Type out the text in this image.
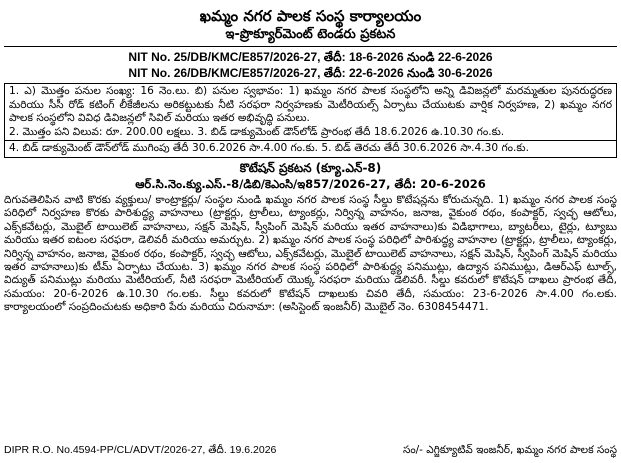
ఖమ్మం నగర పాలక సంస్థ కార్యాలయం
ఇ-ప్రొక్యూర్‌మెంట్ టెండరు ప్రకటన
NIT No. 25/DB/KMC/E857/2026-27, తేదీ: 18-6-2026 నుండి 22-6-2026
NIT No. 26/DB/KMC/E857/2026-27, తేదీ: 22-6-2026 నుండి 30-6-2026

1. ఎ) మొత్తం పనుల సంఖ్య: 16 నెం.లు. బి) పనుల స్వభావం: 1) ఖమ్మం నగర పాలక సంస్థలోని అన్ని డివిజన్లలో మరమ్మతుల పునరుద్ధరణ మరియు సీసీ రోడ్ కటింగ్ లీకేజీలను అరికట్టుటకు నీటి సరఫరా నిర్వహణకు మెటీరియల్స్ ఏర్పాటు చేయుటకు వార్షిక నిర్వహణ, 2) ఖమ్మం నగర పాలక సంస్థలోని వివిధ డివిజన్లలో సివిల్ మరియు ఇతర అభివృద్ధి పనులు.

2. మొత్తం పని విలువ: రూ. 200.00 లక్షలు. 3. బిడ్ డాక్యుమెంట్ డౌన్‌లోడ్ ప్రారంభ తేదీ 18.6.2026 ఉ.10.30 గం.కు.

4. బిడ్ డాక్యుమెంట్ డౌన్‌లోడ్ ముగింపు తేదీ 30.6.2026 సా.4.00 గం.కు. 5. బిడ్ తెరచు తేదీ 30.6.2026 సా.4.30 గం.కు.

కొటేషన్ ప్రకటన (క్యూ.ఎన్-8)
ఆర్.సి.నెం.క్యు.ఎస్.-8/డిబి/కెఎంసి/ఇ857/2026-27, తేదీ: 20-6-2026
దిగువతెలిపిన వాటి కొరకు వ్యక్తులు/ కాంట్రాక్టర్లు/ సంస్థల నుండి ఖమ్మం నగర పాలక సంస్థ సీల్డు కొటేషన్లను కోరుచున్నది. 1) ఖమ్మం నగర పాలక సంస్థ పరిధిలో నిర్వహణ కొరకు పారిశుద్ధ్య వాహనాలు (ట్రాక్టర్లు, ట్రాలీలు, ట్యాంకర్లు, నిర్విన్న వాహనం, జనాజ, వైకుంఠ రథం, కంపాక్టర్, స్వచ్ఛ ఆటోలు, ఎక్స్‌కవేటర్లు, మొబైల్ టాయిలెట్ వాహనాలు, సక్షన్ మెషిన్, స్వీపింగ్ మెషిన్ మరియు ఇతర వాహనాలు)కు విడిభాగాలు, బ్యాటరీలు, టైర్లు, ట్యూబు మరియు ఇతర ఐటంల సరఫరా, డెలివరీ మరియు అమర్చుట. 2) ఖమ్మం నగర పాలక సంస్థ పరిధిలో పారిశుద్ధ్య వాహనాల (ట్రాక్టర్లు, ట్రాలీలు, ట్యాంకర్లు, నిర్విన్న వాహనం, జనాజ, వైకుంఠ రథం, కంపాక్టర్, స్వచ్ఛ ఆటోలు, ఎక్స్‌కవేటర్లు, మొబైల్ టాయిలెట్ వాహనాలు, సక్షన్ మెషిన్, స్వీపింగ్ మెషిన్ మరియు ఇతర వాహనాలు)కు టీమ్ ఏర్పాటు చేయుట. 3) ఖమ్మం నగర పాలక సంస్థ పరిధిలో పారిశుద్ధ్య పనిముట్లు, ఉద్యాన పనిముట్లు, డిఆర్‌ఎఫ్ టూల్స్, విద్యుత్ పనిముట్లు మరియు మెటీరియల్, నీటి సరఫరా మెటీరియల్ యొక్క సరఫరా మరియు డెలివరీ. సీల్డు కవరులో కొటేషన్ దాఖలు ప్రారంభ తేదీ, సమయం: 20-6-2026 ఉ.10.30 గం.లకు. సీల్డు కవరులో కొటేషన్ దాఖలుకు చివరి తేదీ, సమయం: 23-6-2026 సా.4.00 గం.లకు. కార్యాలయంలో సంప్రదించుటకు అధికారి పేరు మరియు చిరునామా: (అసిస్టెంట్ ఇంజనీర్) మొబైల్ నెం. 6308454471.
DIPR R.O. No.4594-PP/CL/ADVT/2026-27, తేదీ. 19.6.2026	సం/- ఎగ్జిక్యూటివ్ ఇంజనీర్, ఖమ్మం నగర పాలక సంస్థ
